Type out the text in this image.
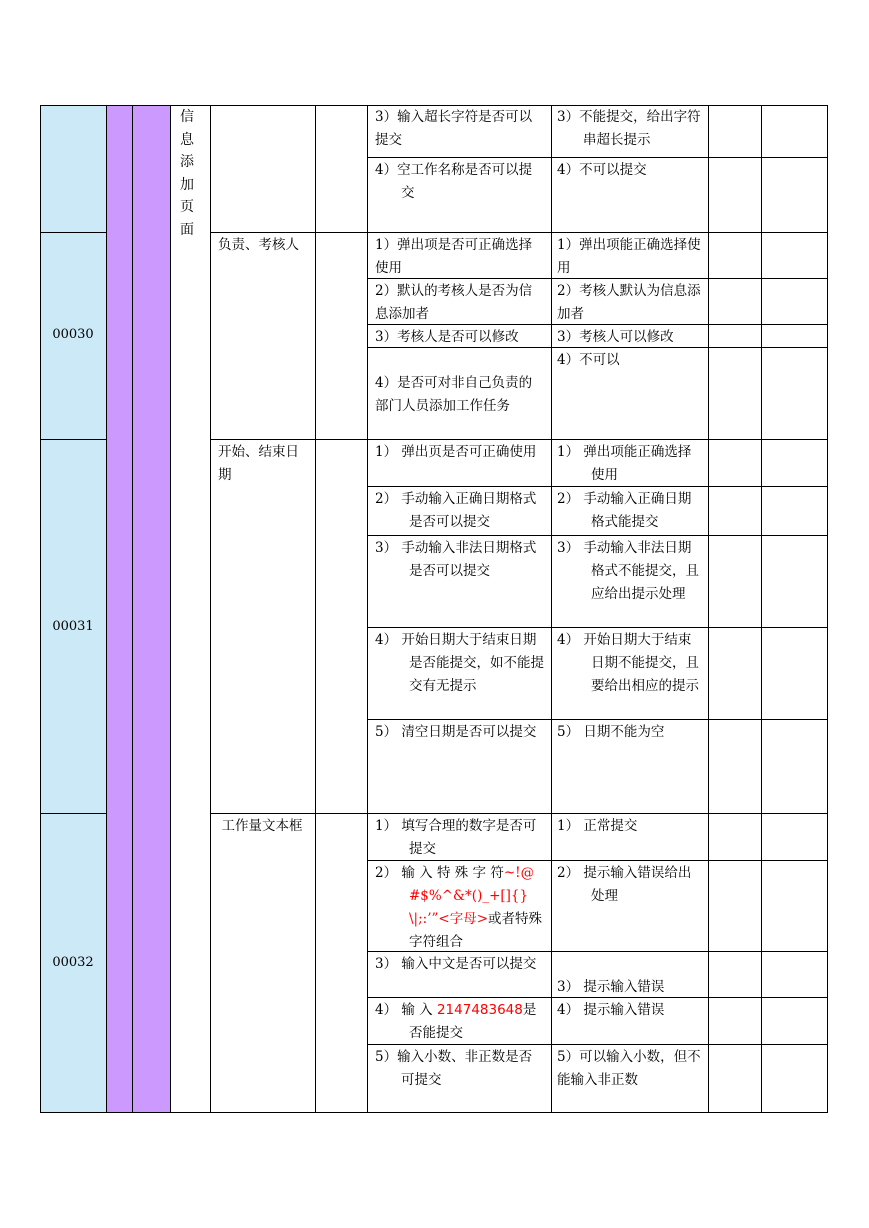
信息添加页面
00030
00031
00032
负责、考核人
开始、结束日期
工作量文本框
3）输入超长字符是否可以提交
4）空工作名称是否可以提交
1）弹出项是否可正确选择使用
2）默认的考核人是否为信息添加者
3）考核人是否可以修改
4）是否可对非自己负责的部门人员添加工作任务
1） 弹出页是否可正确使用
2） 手动输入正确日期格式是否可以提交
3） 手动输入非法日期格式是否可以提交
4） 开始日期大于结束日期是否能提交，如不能提交有无提示
5） 清空日期是否可以提交
1） 填写合理的数字是否可提交
2） 输 入 特 殊 字 符~!@#$%^&*()_+[]{}\|;:’”<字母>或者特殊字符组合
3） 输入中文是否可以提交
4） 输 入 2147483648是否能提交
5）输入小数、非正数是否可提交
3）不能提交，给出字符串超长提示
4）不可以提交
1）弹出项能正确选择使用
2）考核人默认为信息添加者
3）考核人可以修改
4）不可以
1） 弹出项能正确选择使用
2） 手动输入正确日期格式能提交
3） 手动输入非法日期格式不能提交，且应给出提示处理
4） 开始日期大于结束日期不能提交，且要给出相应的提示
5） 日期不能为空
1） 正常提交
2） 提示输入错误给出处理
3） 提示输入错误
4） 提示输入错误
5）可以输入小数，但不能输入非正数
